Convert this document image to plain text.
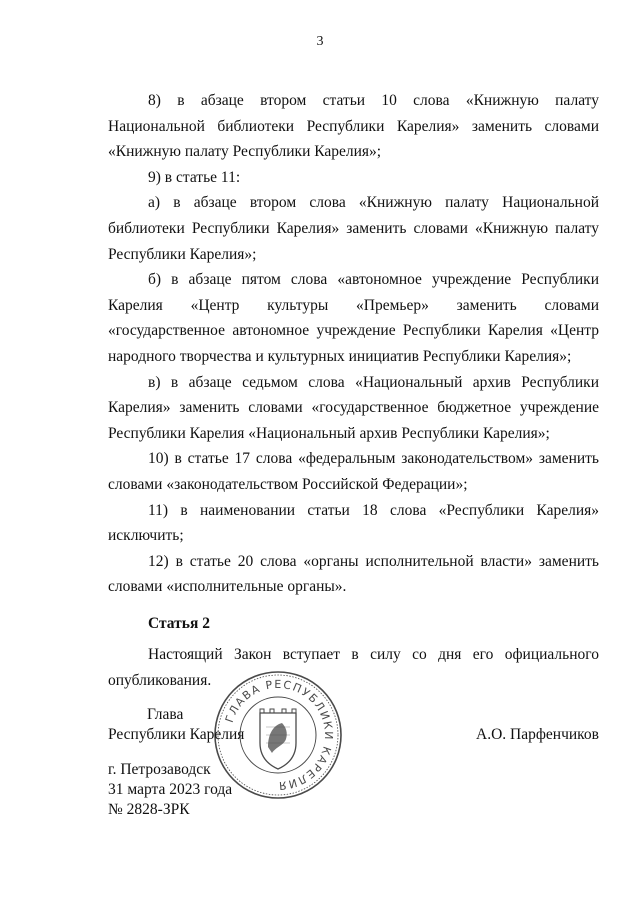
3

8) в абзаце втором статьи 10 слова «Книжную палату Национальной библиотеки Республики Карелия» заменить словами «Книжную палату Республики Карелия»;

9) в статье 11:

а) в абзаце втором слова «Книжную палату Национальной библиотеки Республики Карелия» заменить словами «Книжную палату Республики Карелия»;

б) в абзаце пятом слова «автономное учреждение Республики Карелия «Центр культуры «Премьер» заменить словами «государственное автономное учреждение Республики Карелия «Центр народного творчества и культурных инициатив Республики Карелия»;

в) в абзаце седьмом слова «Национальный архив Республики Карелия» заменить словами «государственное бюджетное учреждение Республики Карелия «Национальный архив Республики Карелия»;

10) в статье 17 слова «федеральным законодательством» заменить словами «законодательством Российской Федерации»;

11) в наименовании статьи 18 слова «Республики Карелия» исключить;

12) в статье 20 слова «органы исполнительной власти» заменить словами «исполнительные органы».

Статья 2

Настоящий Закон вступает в силу со дня его официального опубликования.

ГЛАВА РЕСПУБЛИКИ КАРЕЛИЯ
Глава
Республики Карелия	А.О. Парфенчиков
г. Петрозаводск
31 марта 2023 года
№ 2828-ЗРК
